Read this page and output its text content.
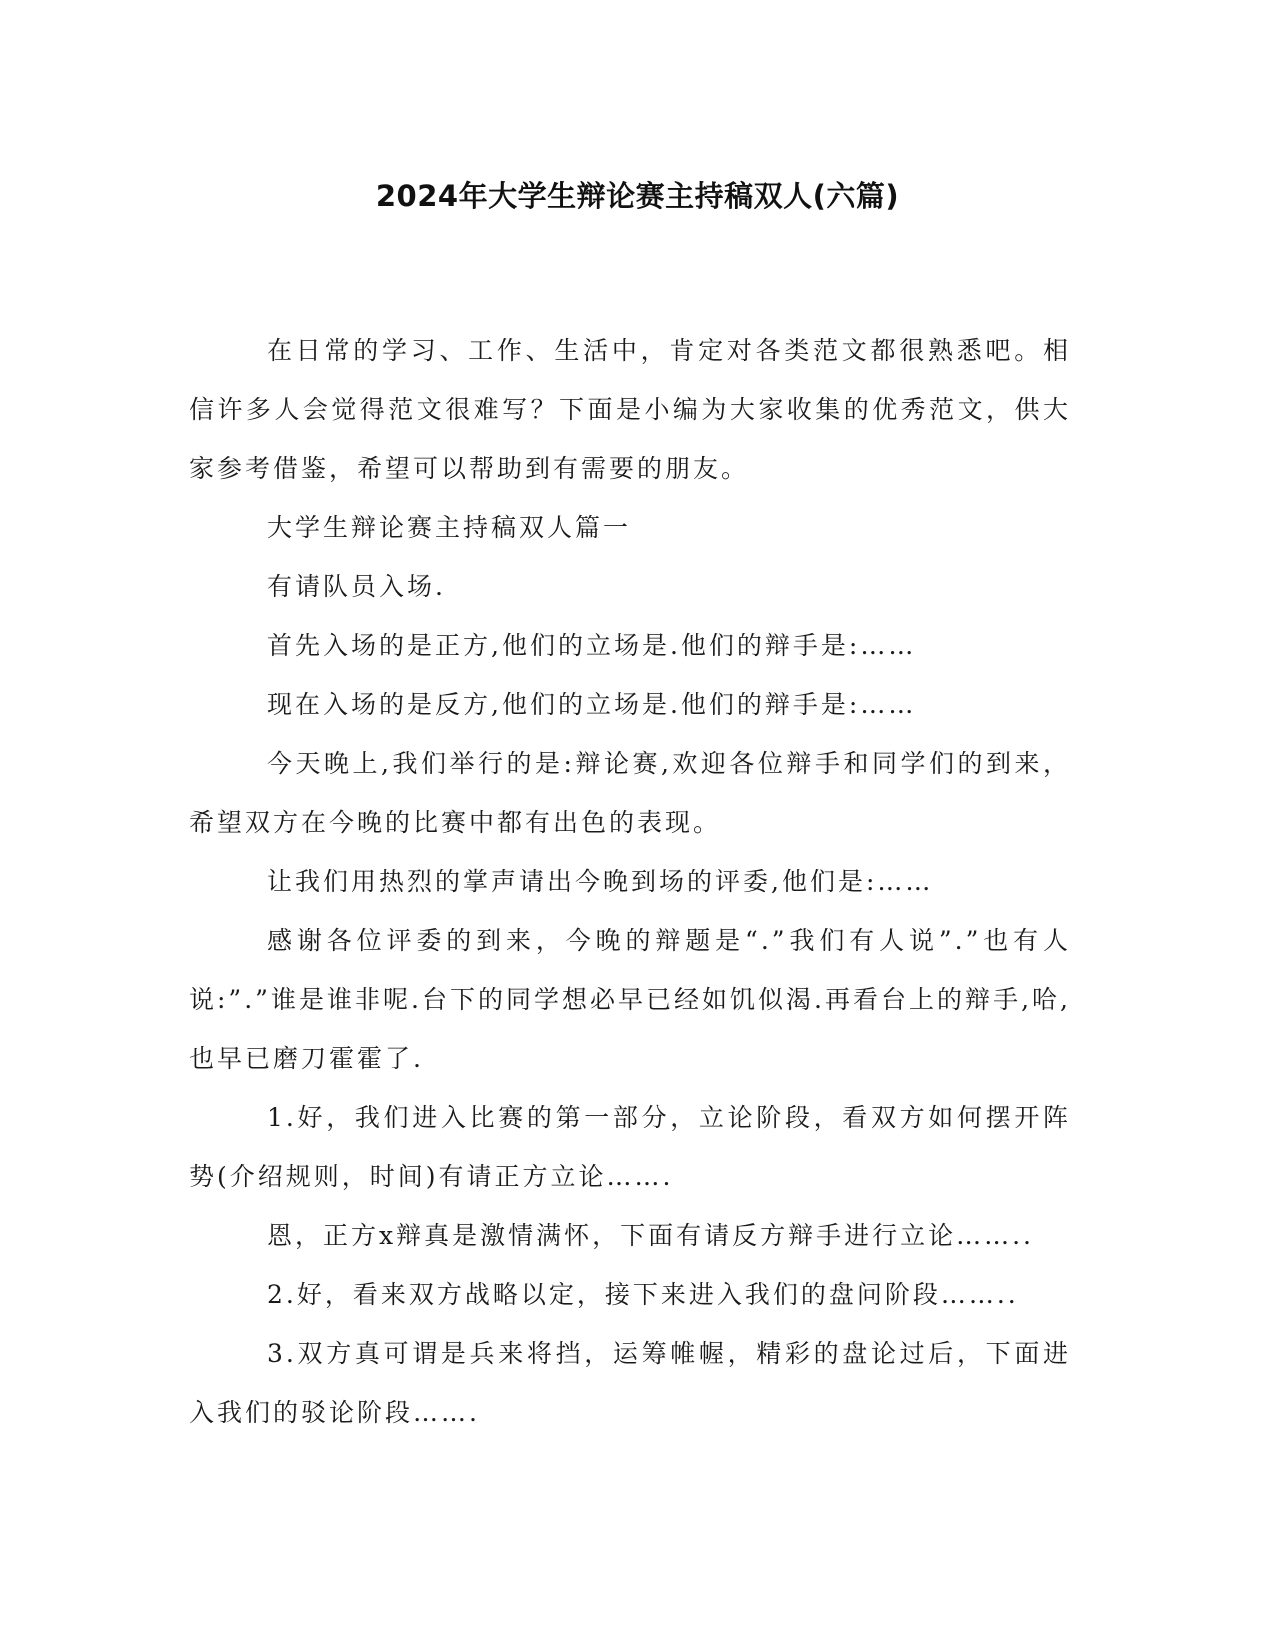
2024年大学生辩论赛主持稿双人(六篇)

在日常的学习、工作、生活中，肯定对各类范文都很熟悉吧。相信许多人会觉得范文很难写？下面是小编为大家收集的优秀范文，供大家参考借鉴，希望可以帮助到有需要的朋友。

大学生辩论赛主持稿双人篇一

有请队员入场.

首先入场的是正方,他们的立场是.他们的辩手是:……

现在入场的是反方,他们的立场是.他们的辩手是:……

今天晚上,我们举行的是:辩论赛,欢迎各位辩手和同学们的到来，希望双方在今晚的比赛中都有出色的表现。

让我们用热烈的掌声请出今晚到场的评委,他们是:……

感谢各位评委的到来，今晚的辩题是“.”我们有人说”.”也有人说:”.”谁是谁非呢.台下的同学想必早已经如饥似渴.再看台上的辩手,哈,也早已磨刀霍霍了.

1.好，我们进入比赛的第一部分，立论阶段，看双方如何摆开阵势(介绍规则，时间)有请正方立论…….

恩，正方x辩真是激情满怀，下面有请反方辩手进行立论……..

2.好，看来双方战略以定，接下来进入我们的盘问阶段……..

3.双方真可谓是兵来将挡，运筹帷幄，精彩的盘论过后，下面进入我们的驳论阶段…….
